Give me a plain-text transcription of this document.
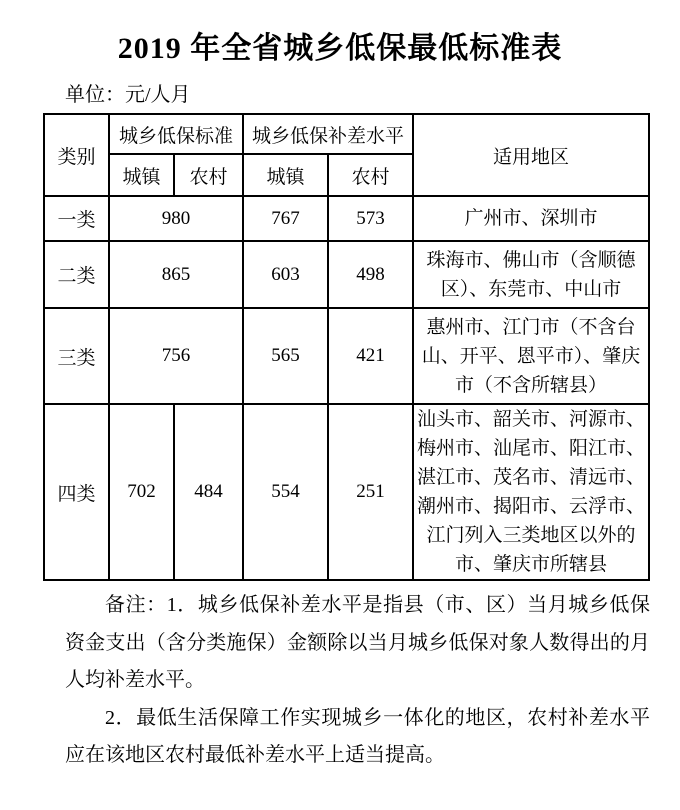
2019 年全省城乡低保最低标准表
单位：元/人月
类别	城乡低保标准		城乡低保补差水平		适用地区
	城镇	农村	城镇	农村	
一类	980		767	573	广州市、深圳市
二类	865		603	498	珠海市、佛山市（含顺德区）、东莞市、中山市
三类	756		565	421	惠州市、江门市（不含台山、开平、恩平市）、肇庆市（不含所辖县）
四类	702	484	554	251	汕头市、韶关市、河源市、梅州市、汕尾市、阳江市、湛江市、茂名市、清远市、潮州市、揭阳市、云浮市、江门列入三类地区以外的市、肇庆市所辖县

备注：1．城乡低保补差水平是指县（市、区）当月城乡低保资金支出（含分类施保）金额除以当月城乡低保对象人数得出的月人均补差水平。

2．最低生活保障工作实现城乡一体化的地区，农村补差水平应在该地区农村最低补差水平上适当提高。
